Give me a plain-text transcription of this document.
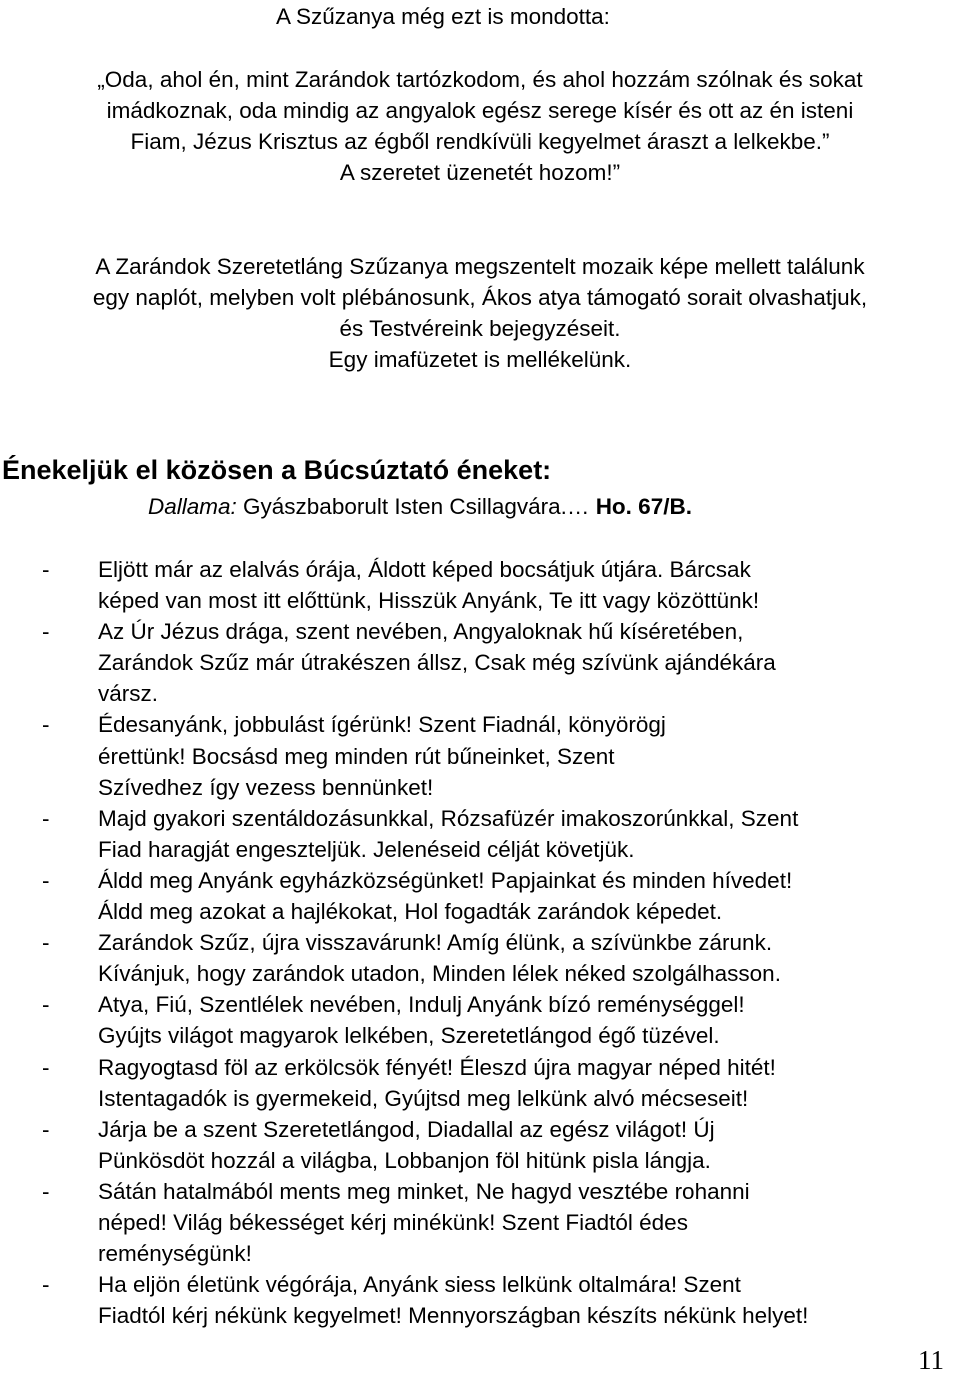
A Szűzanya még ezt is mondotta:
„Oda, ahol én, mint Zarándok tartózkodom, és ahol hozzám szólnak és sokat
imádkoznak, oda mindig az angyalok egész serege kísér és ott az én isteni
Fiam, Jézus Krisztus az égből rendkívüli kegyelmet áraszt a lelkekbe.”
A szeretet üzenetét hozom!”
A Zarándok Szeretetláng Szűzanya megszentelt mozaik képe mellett találunk
egy naplót, melyben volt plébánosunk, Ákos atya támogató sorait olvashatjuk,
és Testvéreink bejegyzéseit.
Egy imafüzetet is mellékelünk.
Énekeljük el közösen a Búcsúztató éneket:
Dallama: Gyászbaborult Isten Csillagvára.… Ho. 67/B.
-	Eljött már az elalvás órája, Áldott képed bocsátjuk útjára. Bárcsak
képed van most itt előttünk, Hisszük Anyánk, Te itt vagy közöttünk!
-	Az Úr Jézus drága, szent nevében, Angyaloknak hű kíséretében,
Zarándok Szűz már útrakészen állsz, Csak még szívünk ajándékára
vársz.
-	Édesanyánk, jobbulást ígérünk! Szent Fiadnál, könyörögj
érettünk! Bocsásd meg minden rút bűneinket, Szent
Szívedhez így vezess bennünket!
-	Majd gyakori szentáldozásunkkal, Rózsafüzér imakoszorúnkkal, Szent
Fiad haragját engeszteljük. Jelenéseid célját követjük.
-	Áldd meg Anyánk egyházközségünket! Papjainkat és minden hívedet!
Áldd meg azokat a hajlékokat, Hol fogadták zarándok képedet.
-	Zarándok Szűz, újra visszavárunk! Amíg élünk, a szívünkbe zárunk.
Kívánjuk, hogy zarándok utadon, Minden lélek néked szolgálhasson.
-	Atya, Fiú, Szentlélek nevében, Indulj Anyánk bízó reménységgel!
Gyújts világot magyarok lelkében, Szeretetlángod égő tüzével.
-	Ragyogtasd föl az erkölcsök fényét! Éleszd újra magyar néped hitét!
Istentagadók is gyermekeid, Gyújtsd meg lelkünk alvó mécseseit!
-	Járja be a szent Szeretetlángod, Diadallal az egész világot! Új
Pünkösdöt hozzál a világba, Lobbanjon föl hitünk pisla lángja.
-	Sátán hatalmából ments meg minket, Ne hagyd vesztébe rohanni
néped! Világ békességet kérj minékünk! Szent Fiadtól édes
reménységünk!
-	Ha eljön életünk végórája, Anyánk siess lelkünk oltalmára! Szent
Fiadtól kérj nékünk kegyelmet! Mennyországban készíts nékünk helyet!
11
